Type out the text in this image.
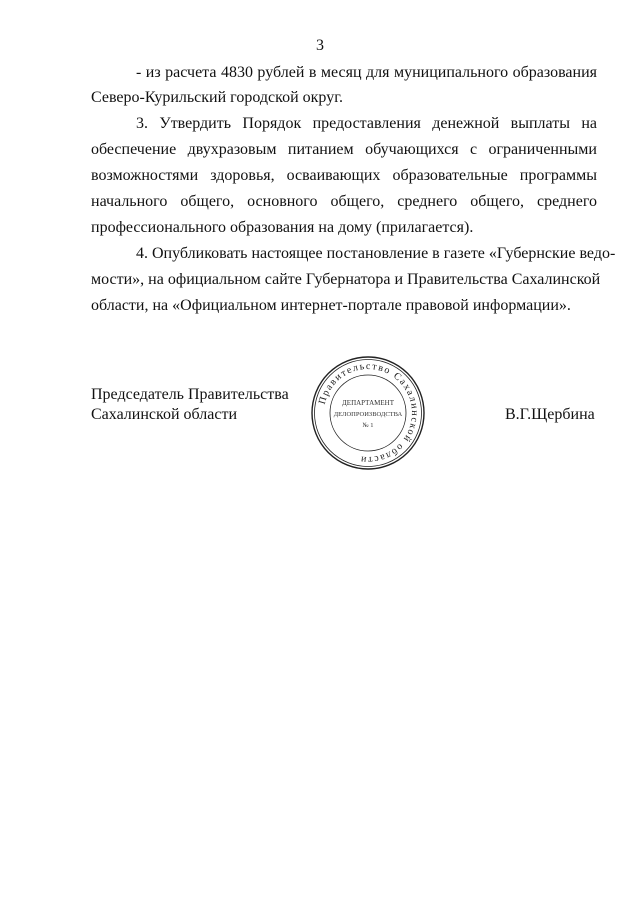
3
- из расчета 4830 рублей в месяц для муниципального образования
Северо-Курильский городской округ.
3. Утвердить Порядок предоставления денежной выплаты на
обеспечение двухразовым питанием обучающихся с ограниченными
возможностями здоровья, осваивающих образовательные программы
начального общего, основного общего, среднего общего, среднего
профессионального образования на дому (прилагается).
4. Опубликовать настоящее постановление в газете «Губернские ведо-
мости», на официальном сайте Губернатора и Правительства Сахалинской
области, на «Официальном интернет-портале правовой информации».
Председатель Правительства
Сахалинской области	В.Г.Щербина
Правительство Сахалинской области
ДЕПАРТАМЕНТ
ДЕЛОПРОИЗВОДСТВА
№ 1
